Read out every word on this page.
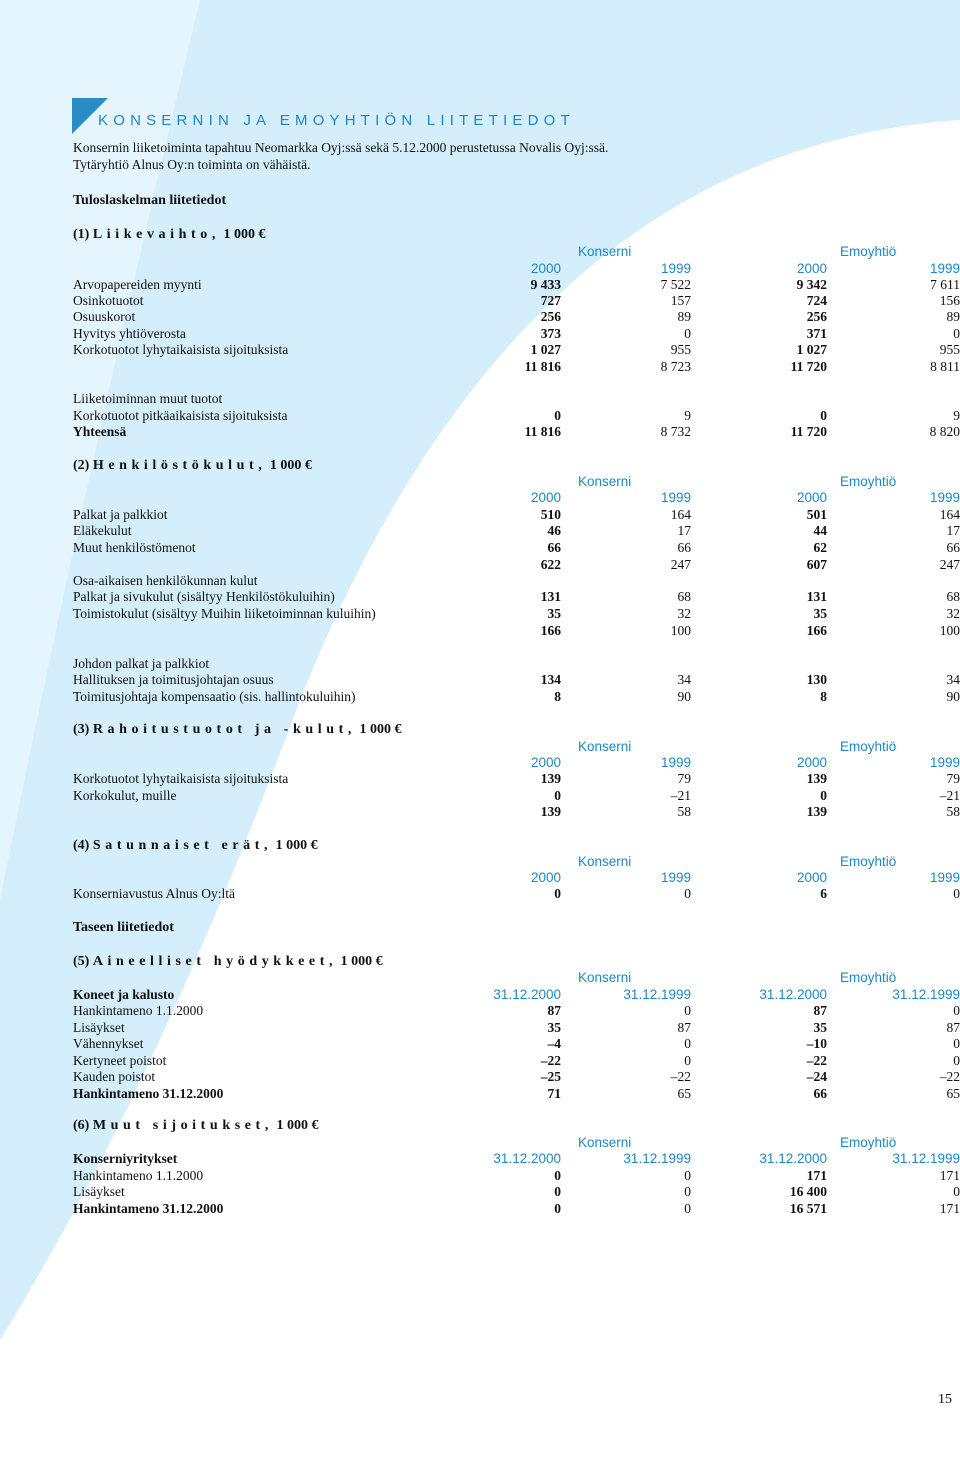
KONSERNIN JA EMOYHTIÖN LIITETIEDOT
Konsernin liiketoiminta tapahtuu Neomarkka Oyj:ssä sekä 5.12.2000 perustetussa Novalis Oyj:ssä.
Tytäryhtiö Alnus Oy:n toiminta on vähäistä.
Tuloslaskelman liitetiedot
Taseen liitetiedot
(1) Liikevaihto, 1 000 €
Konserni	Emoyhtiö
2000	1999	2000	1999
Arvopapereiden myynti	9 433	7 522	9 342	7 611
Osinkotuotot	727	157	724	156
Osuuskorot	256	89	256	89
Hyvitys yhtiöverosta	373	0	371	0
Korkotuotot lyhytaikaisista sijoituksista	1 027	955	1 027	955
11 816	8 723	11 720	8 811
Liiketoiminnan muut tuotot
Korkotuotot pitkäaikaisista sijoituksista	0	9	0	9
Yhteensä	11 816	8 732	11 720	8 820
(2) Henkilöstökulut, 1 000 €
Konserni	Emoyhtiö
2000	1999	2000	1999
Palkat ja palkkiot	510	164	501	164
Eläkekulut	46	17	44	17
Muut henkilöstömenot	66	66	62	66
622	247	607	247
Osa-aikaisen henkilökunnan kulut
Palkat ja sivukulut (sisältyy Henkilöstökuluihin)	131	68	131	68
Toimistokulut (sisältyy Muihin liiketoiminnan kuluihin)	35	32	35	32
166	100	166	100
Johdon palkat ja palkkiot
Hallituksen ja toimitusjohtajan osuus	134	34	130	34
Toimitusjohtaja kompensaatio (sis. hallintokuluihin)	8	90	8	90
(3) Rahoitustuotot ja -kulut, 1 000 €
Konserni	Emoyhtiö
2000	1999	2000	1999
Korkotuotot lyhytaikaisista sijoituksista	139	79	139	79
Korkokulut, muille	0	–21	0	–21
139	58	139	58
(4) Satunnaiset erät, 1 000 €
Konserni	Emoyhtiö
2000	1999	2000	1999
Konserniavustus Alnus Oy:ltä	0	0	6	0
(5) Aineelliset hyödykkeet, 1 000 €
Konserni	Emoyhtiö
Koneet ja kalusto	31.12.2000	31.12.1999	31.12.2000	31.12.1999
Hankintameno 1.1.2000	87	0	87	0
Lisäykset	35	87	35	87
Vähennykset	–4	0	–10	0
Kertyneet poistot	–22	0	–22	0
Kauden poistot	–25	–22	–24	–22
Hankintameno 31.12.2000	71	65	66	65
(6) Muut sijoitukset, 1 000 €
Konserni	Emoyhtiö
Konserniyritykset	31.12.2000	31.12.1999	31.12.2000	31.12.1999
Hankintameno 1.1.2000	0	0	171	171
Lisäykset	0	0	16 400	0
Hankintameno 31.12.2000	0	0	16 571	171
15
